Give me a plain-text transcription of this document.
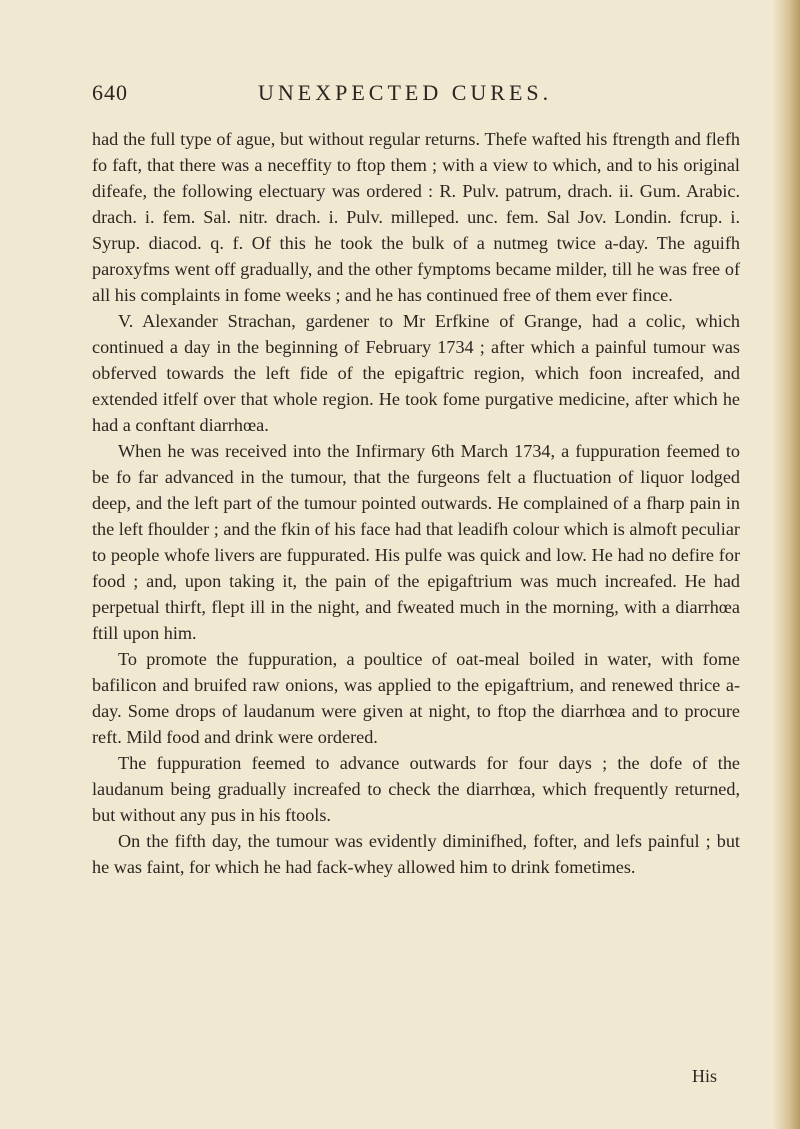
640	UNEXPECTED CURES.

had the full type of ague, but without regular returns. Thefe wafted his ftrength and flefh fo faft, that there was a neceffity to ftop them ; with a view to which, and to his original difeafe, the following electuary was ordered : R. Pulv. patrum, drach. ii. Gum. Arabic. drach. i. fem. Sal. nitr. drach. i. Pulv. milleped. unc. fem. Sal Jov. Londin. fcrup. i. Syrup. diacod. q. f. Of this he took the bulk of a nutmeg twice a-day. The aguifh paroxyfms went off gradually, and the other fymptoms became milder, till he was free of all his complaints in fome weeks ; and he has continued free of them ever fince.

V. Alexander Strachan, gardener to Mr Erfkine of Grange, had a colic, which continued a day in the beginning of February 1734 ; after which a painful tumour was obferved towards the left fide of the epigaftric region, which foon increafed, and extended itfelf over that whole region. He took fome purgative medicine, after which he had a conftant diarrhœa.

When he was received into the Infirmary 6th March 1734, a fuppuration feemed to be fo far advanced in the tumour, that the furgeons felt a fluctuation of liquor lodged deep, and the left part of the tumour pointed outwards. He complained of a fharp pain in the left fhoulder ; and the fkin of his face had that leadifh colour which is almoft peculiar to people whofe livers are fuppurated. His pulfe was quick and low. He had no defire for food ; and, upon taking it, the pain of the epigaftrium was much increafed. He had perpetual thirft, flept ill in the night, and fweated much in the morning, with a diarrhœa ftill upon him.

To promote the fuppuration, a poultice of oat-meal boiled in water, with fome bafilicon and bruifed raw onions, was applied to the epigaftrium, and renewed thrice a-day. Some drops of laudanum were given at night, to ftop the diarrhœa and to procure reft. Mild food and drink were ordered.

The fuppuration feemed to advance outwards for four days ; the dofe of the laudanum being gradually increafed to check the diarrhœa, which frequently returned, but without any pus in his ftools.

On the fifth day, the tumour was evidently diminifhed, fofter, and lefs painful ; but he was faint, for which he had fack-whey allowed him to drink fometimes.

His
